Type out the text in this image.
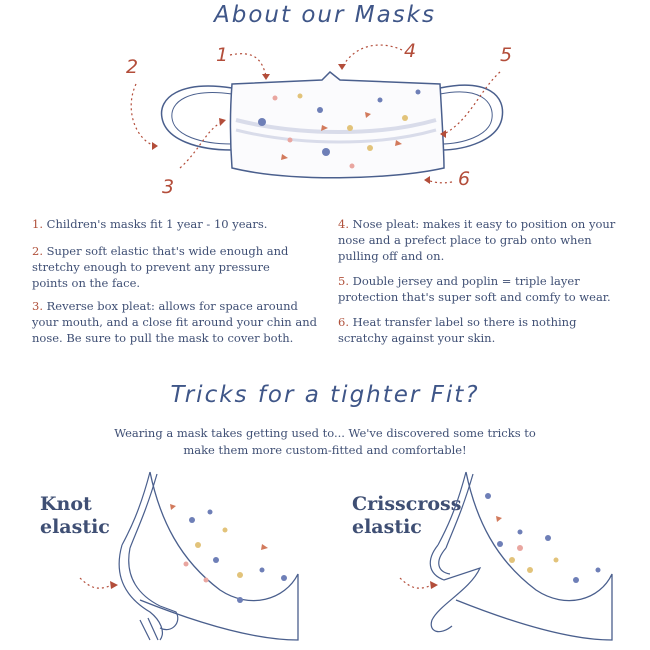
About our Masks
Tricks for a tighter Fit?
1
2
3
4	5
6

1. Children's masks fit 1 year - 10 years.

2. Super soft elastic that's wide enough and stretchy enough to prevent any pressure points on the face.

3. Reverse box pleat: allows for space around your mouth, and a close fit around your chin and nose. Be sure to pull the mask to cover both.

4. Nose pleat: makes it easy to position on your nose and a prefect place to grab onto when pulling off and on.

5. Double jersey and poplin = triple layer protection that's super soft and comfy to wear.

6. Heat transfer label so there is nothing scratchy against your skin.

Wearing a mask takes getting used to... We've discovered some tricks to make them more custom-fitted and comfortable!
Knot elastic
Crisscross elastic
